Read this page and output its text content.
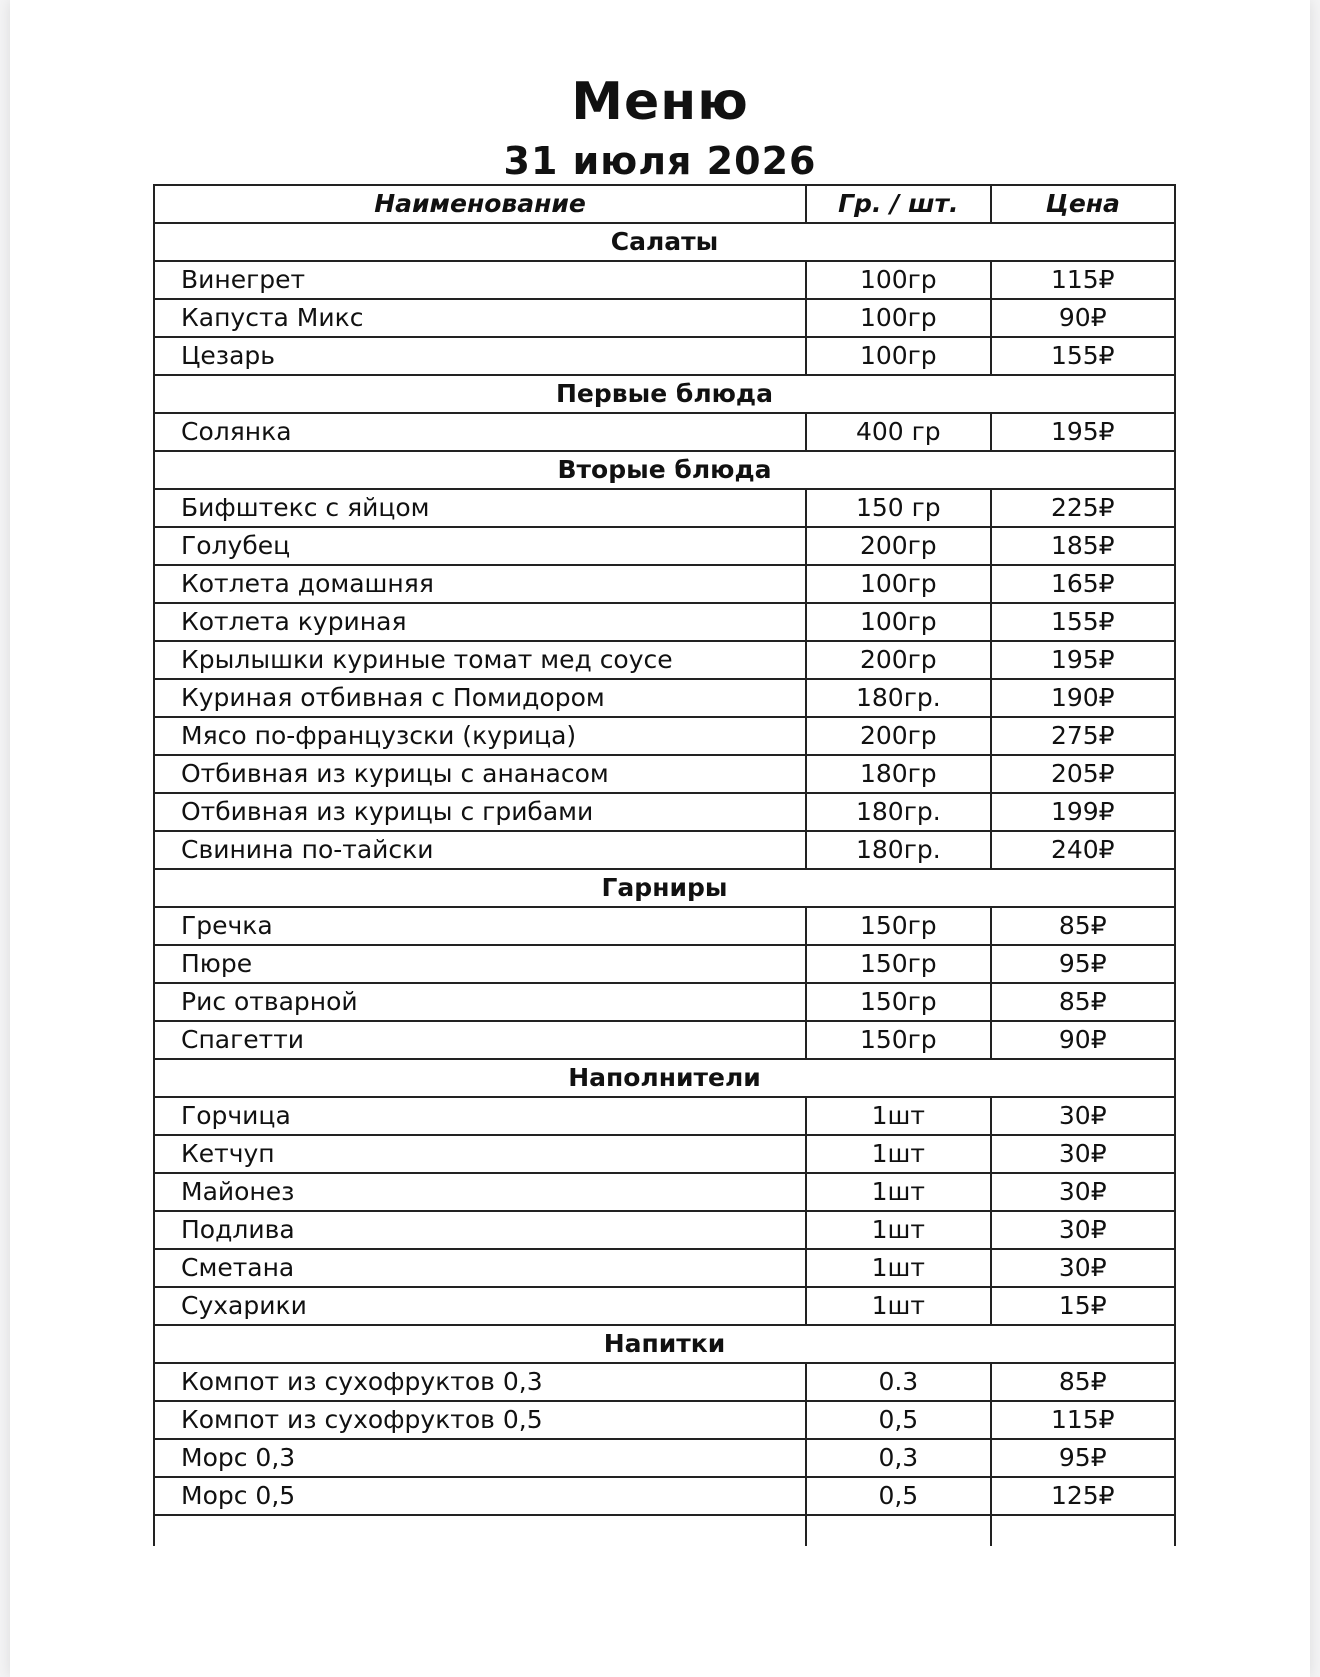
Меню
31 июля 2026
Наименование	Гр. / шт.	Цена
Салаты		
Винегрет	100гр	115₽
Капуста Микс	100гр	90₽
Цезарь	100гр	155₽
Первые блюда		
Солянка	400 гр	195₽
Вторые блюда		
Бифштекс с яйцом	150 гр	225₽
Голубец	200гр	185₽
Котлета домашняя	100гр	165₽
Котлета куриная	100гр	155₽
Крылышки куриные томат мед соусе	200гр	195₽
Куриная отбивная с Помидором	180гр.	190₽
Мясо по-французски (курица)	200гр	275₽
Отбивная из курицы с ананасом	180гр	205₽
Отбивная из курицы с грибами	180гр.	199₽
Свинина по-тайски	180гр.	240₽
Гарниры		
Гречка	150гр	85₽
Пюре	150гр	95₽
Рис отварной	150гр	85₽
Спагетти	150гр	90₽
Наполнители		
Горчица	1шт	30₽
Кетчуп	1шт	30₽
Майонез	1шт	30₽
Подлива	1шт	30₽
Сметана	1шт	30₽
Сухарики	1шт	15₽
Напитки		
Компот из сухофруктов 0,3	0.3	85₽
Компот из сухофруктов 0,5	0,5	115₽
Морс 0,3	0,3	95₽
Морс 0,5	0,5	125₽
